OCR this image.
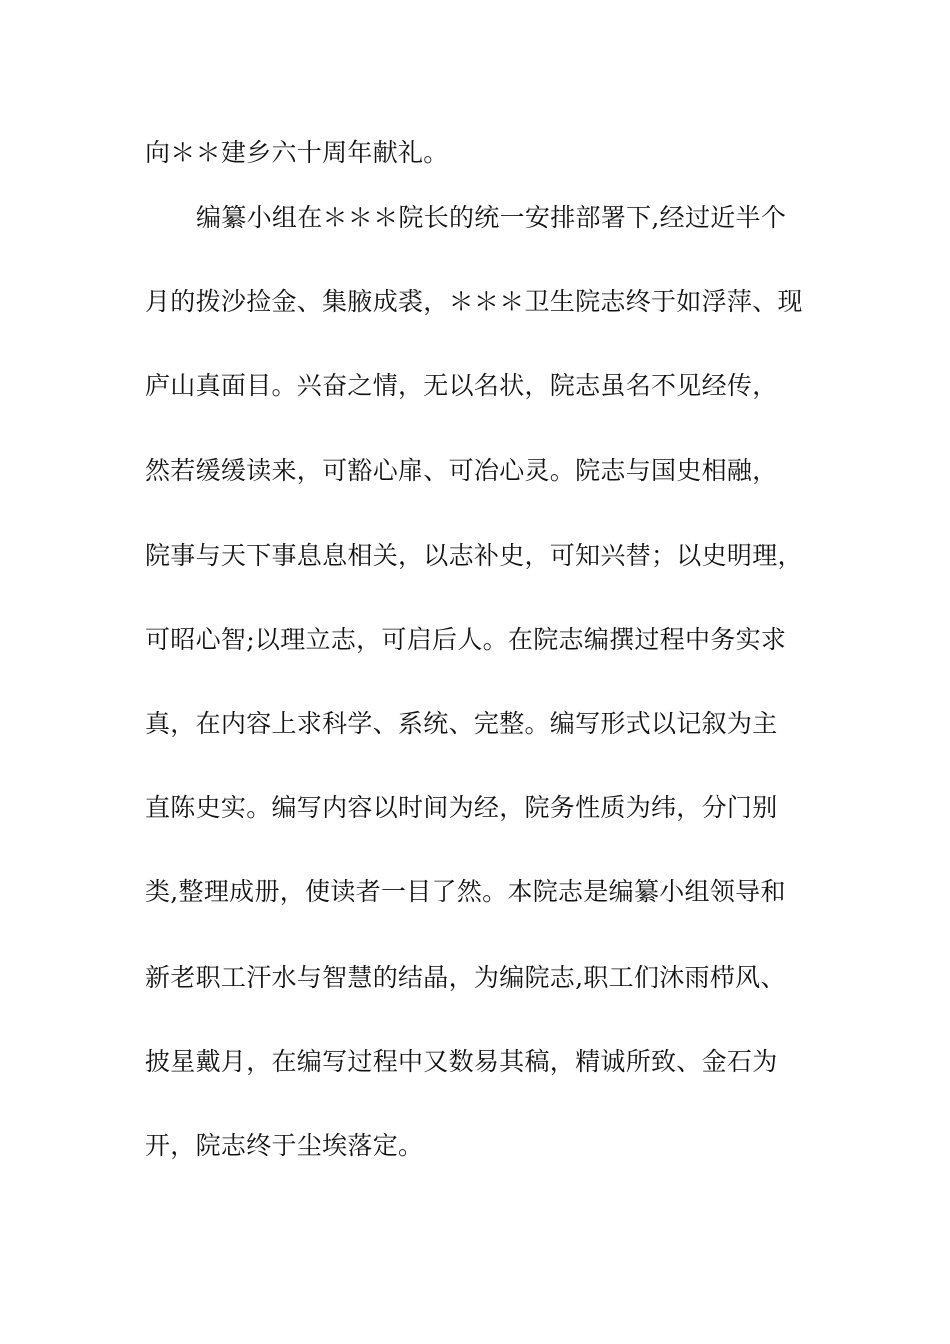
向＊＊建乡六十周年献礼。
编纂小组在＊＊＊院长的统一安排部署下,经过近半个
月的拨沙捡金、集腋成裘，＊＊＊卫生院志终于如浮萍、现
庐山真面目。兴奋之情，无以名状，院志虽名不见经传，
然若缓缓读来，可豁心扉、可冶心灵。院志与国史相融，
院事与天下事息息相关，以志补史，可知兴替；以史明理，
可昭心智;以理立志，可启后人。在院志编撰过程中务实求
真，在内容上求科学、系统、完整。编写形式以记叙为主
直陈史实。编写内容以时间为经，院务性质为纬，分门别
类,整理成册，使读者一目了然。本院志是编纂小组领导和
新老职工汗水与智慧的结晶，为编院志,职工们沐雨栉风、
披星戴月，在编写过程中又数易其稿，精诚所致、金石为
开，院志终于尘埃落定。
